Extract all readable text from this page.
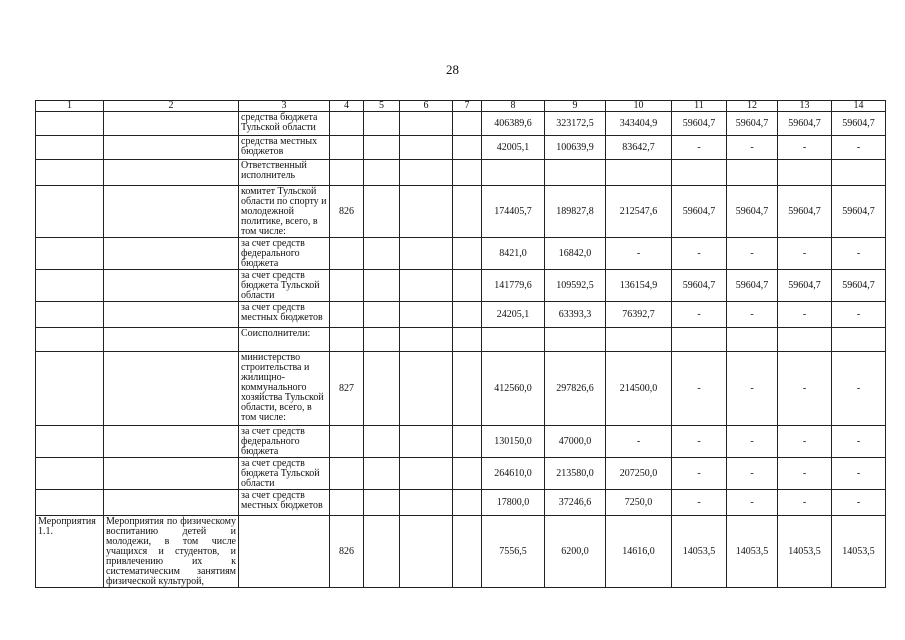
28
1	2	3	4	5	6	7	8	9	10	11	12	13	14
		средства бюджета Тульской области					406389,6	323172,5	343404,9	59604,7	59604,7	59604,7	59604,7
		средства местных бюджетов					42005,1	100639,9	83642,7	-	-	-	-
		Ответственный исполнитель											
		комитет Тульской области по спорту и молодежной политике, всего, в том числе:	826				174405,7	189827,8	212547,6	59604,7	59604,7	59604,7	59604,7
		за счет средств федерального бюджета					8421,0	16842,0	-	-	-	-	-
		за счет средств бюджета Тульской области					141779,6	109592,5	136154,9	59604,7	59604,7	59604,7	59604,7
		за счет средств местных бюджетов					24205,1	63393,3	76392,7	-	-	-	-
		Соисполнители:											
		министерство строительства и жилищно-коммунального хозяйства Тульской области, всего, в том числе:	827				412560,0	297826,6	214500,0	-	-	-	-
		за счет средств федерального бюджета					130150,0	47000,0	-	-	-	-	-
		за счет средств бюджета Тульской области					264610,0	213580,0	207250,0	-	-	-	-
		за счет средств местных бюджетов					17800,0	37246,6	7250,0	-	-	-	-
Мероприятия 1.1.	Мероприятия по физическому воспитанию детей и молодежи, в том числе учащихся и студентов, и привлечению их к систематическим занятиям физической культурой,		826				7556,5	6200,0	14616,0	14053,5	14053,5	14053,5	14053,5
